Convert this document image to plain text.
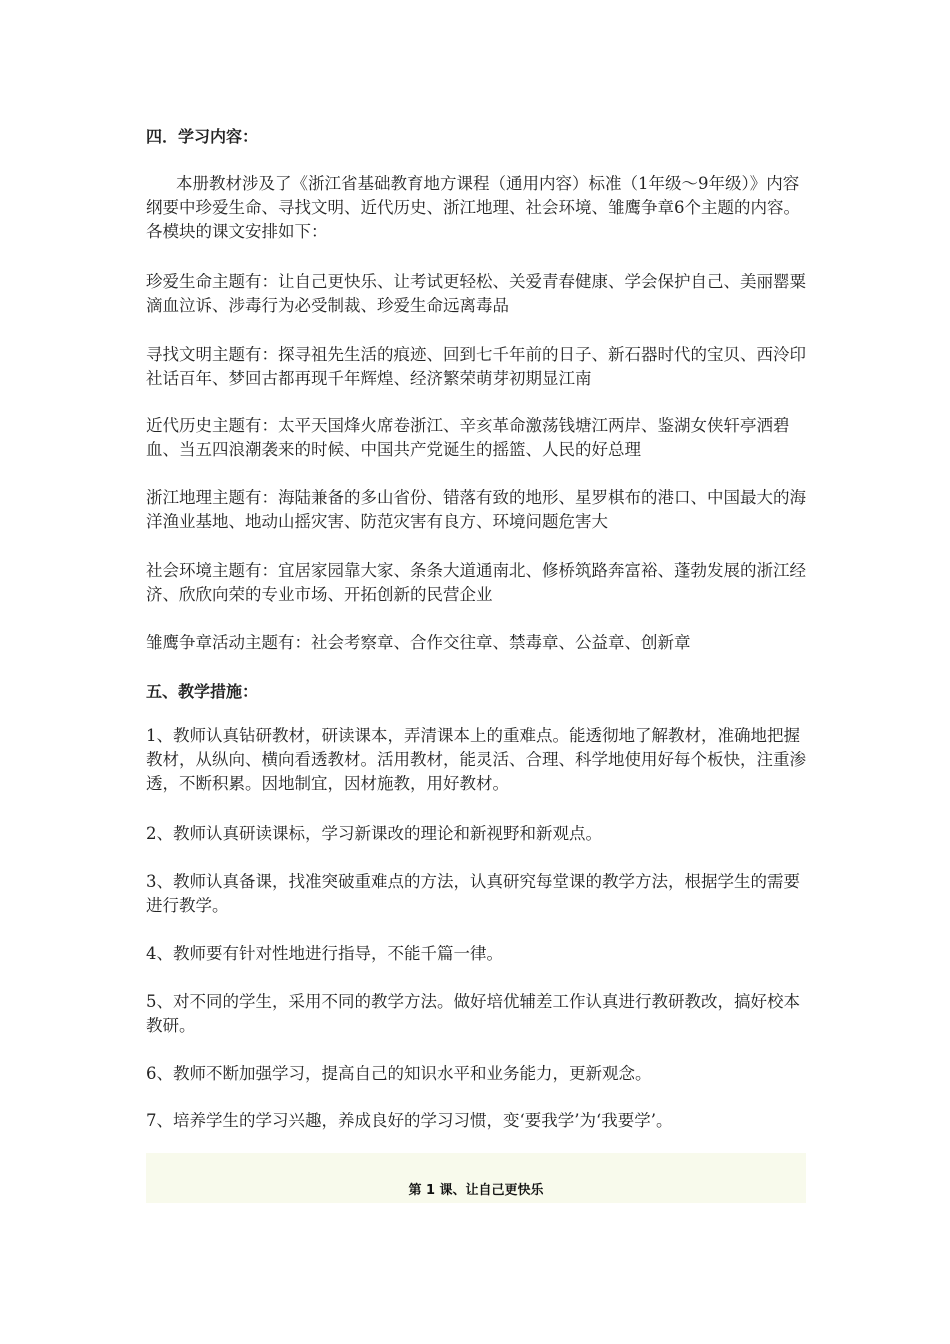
四．学习内容：

本册教材涉及了《浙江省基础教育地方课程（通用内容）标准（1年级～9年级）》内容纲要中珍爱生命、寻找文明、近代历史、浙江地理、社会环境、雏鹰争章6个主题的内容。各模块的课文安排如下：

珍爱生命主题有：让自己更快乐、让考试更轻松、关爱青春健康、学会保护自己、美丽罂粟滴血泣诉、涉毒行为必受制裁、珍爱生命远离毒品

寻找文明主题有：探寻祖先生活的痕迹、回到七千年前的日子、新石器时代的宝贝、西泠印社话百年、梦回古都再现千年辉煌、经济繁荣萌芽初期显江南

近代历史主题有：太平天国烽火席卷浙江、辛亥革命激荡钱塘江两岸、鉴湖女侠轩亭洒碧血、当五四浪潮袭来的时候、中国共产党诞生的摇篮、人民的好总理

浙江地理主题有：海陆兼备的多山省份、错落有致的地形、星罗棋布的港口、中国最大的海洋渔业基地、地动山摇灾害、防范灾害有良方、环境问题危害大

社会环境主题有：宜居家园靠大家、条条大道通南北、修桥筑路奔富裕、蓬勃发展的浙江经济、欣欣向荣的专业市场、开拓创新的民营企业

雏鹰争章活动主题有：社会考察章、合作交往章、禁毒章、公益章、创新章

五、教学措施：

1、教师认真钻研教材，研读课本，弄清课本上的重难点。能透彻地了解教材，准确地把握教材，从纵向、横向看透教材。活用教材，能灵活、合理、科学地使用好每个板快，注重渗透，不断积累。因地制宜，因材施教，用好教材。

2、教师认真研读课标，学习新课改的理论和新视野和新观点。

3、教师认真备课，找准突破重难点的方法，认真研究每堂课的教学方法，根据学生的需要进行教学。

4、教师要有针对性地进行指导，不能千篇一律。

5、对不同的学生，采用不同的教学方法。做好培优辅差工作认真进行教研教改，搞好校本教研。

6、教师不断加强学习，提高自己的知识水平和业务能力，更新观念。

7、培养学生的学习兴趣，养成良好的学习习惯，变‘要我学’为‘我要学’。

第 1 课、让自己更快乐
